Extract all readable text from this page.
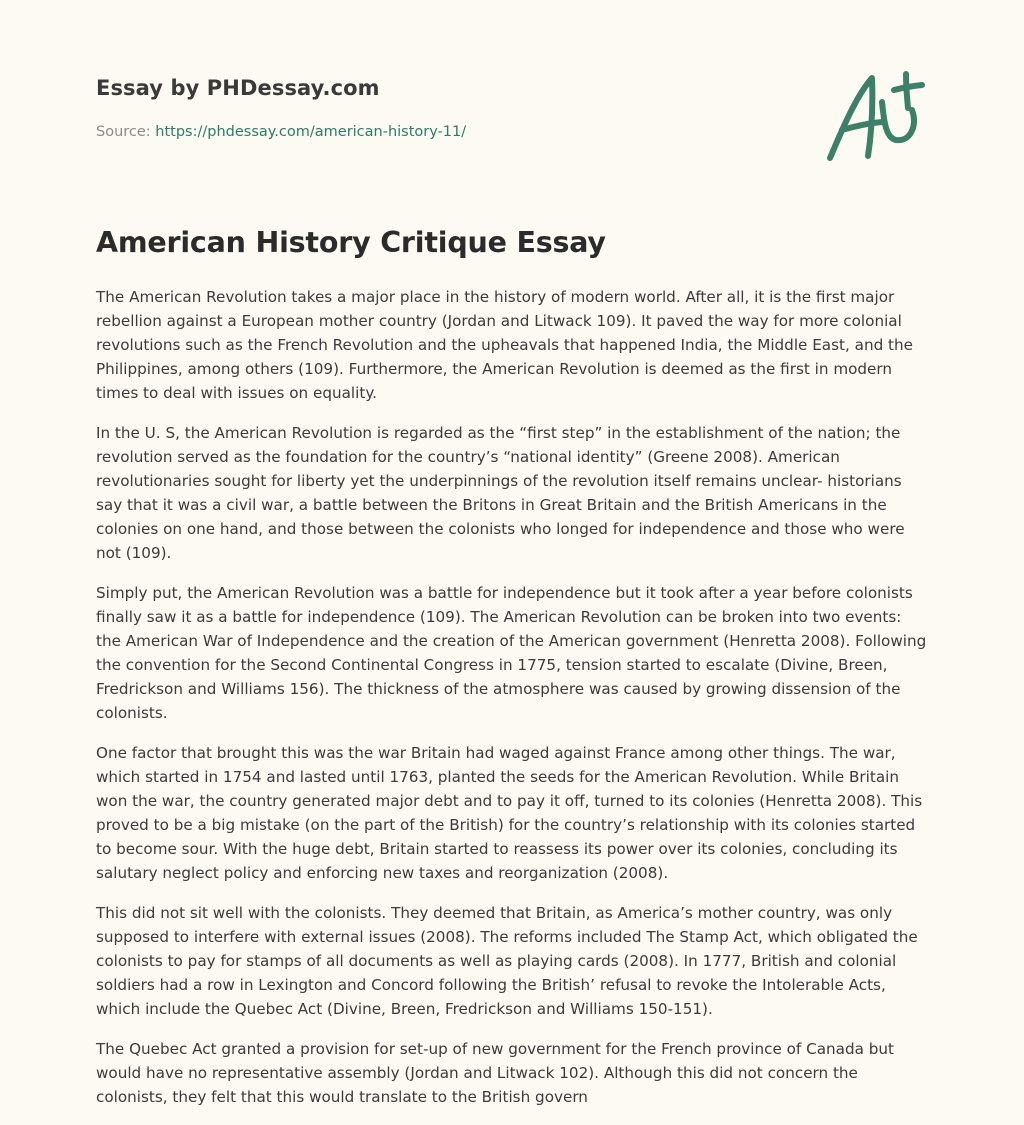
Essay by PHDessay.com
Source: https://phdessay.com/american-history-11/
American History Critique Essay

The American Revolution takes a major place in the history of modern world. After all, it is the first major rebellion against a European mother country (Jordan and Litwack 109). It paved the way for more colonial revolutions such as the French Revolution and the upheavals that happened India, the Middle East, and the Philippines, among others (109). Furthermore, the American Revolution is deemed as the first in modern times to deal with issues on equality.

In the U. S, the American Revolution is regarded as the “first step” in the establishment of the nation; the revolution served as the foundation for the country’s “national identity” (Greene 2008). American revolutionaries sought for liberty yet the underpinnings of the revolution itself remains unclear- historians say that it was a civil war, a battle between the Britons in Great Britain and the British Americans in the colonies on one hand, and those between the colonists who longed for independence and those who were not (109).

Simply put, the American Revolution was a battle for independence but it took after a year before colonists finally saw it as a battle for independence (109). The American Revolution can be broken into two events: the American War of Independence and the creation of the American government (Henretta 2008). Following the convention for the Second Continental Congress in 1775, tension started to escalate (Divine, Breen, Fredrickson and Williams 156). The thickness of the atmosphere was caused by growing dissension of the colonists.

One factor that brought this was the war Britain had waged against France among other things. The war, which started in 1754 and lasted until 1763, planted the seeds for the American Revolution. While Britain won the war, the country generated major debt and to pay it off, turned to its colonies (Henretta 2008). This proved to be a big mistake (on the part of the British) for the country’s relationship with its colonies started to become sour. With the huge debt, Britain started to reassess its power over its colonies, concluding its salutary neglect policy and enforcing new taxes and reorganization (2008).

This did not sit well with the colonists. They deemed that Britain, as America’s mother country, was only supposed to interfere with external issues (2008). The reforms included The Stamp Act, which obligated the colonists to pay for stamps of all documents as well as playing cards (2008). In 1777, British and colonial soldiers had a row in Lexington and Concord following the British’ refusal to revoke the Intolerable Acts, which include the Quebec Act (Divine, Breen, Fredrickson and Williams 150-151).

The Quebec Act granted a provision for set-up of new government for the French province of Canada but would have no representative assembly (Jordan and Litwack 102). Although this did not concern the colonists, they felt that this would translate to the British govern
